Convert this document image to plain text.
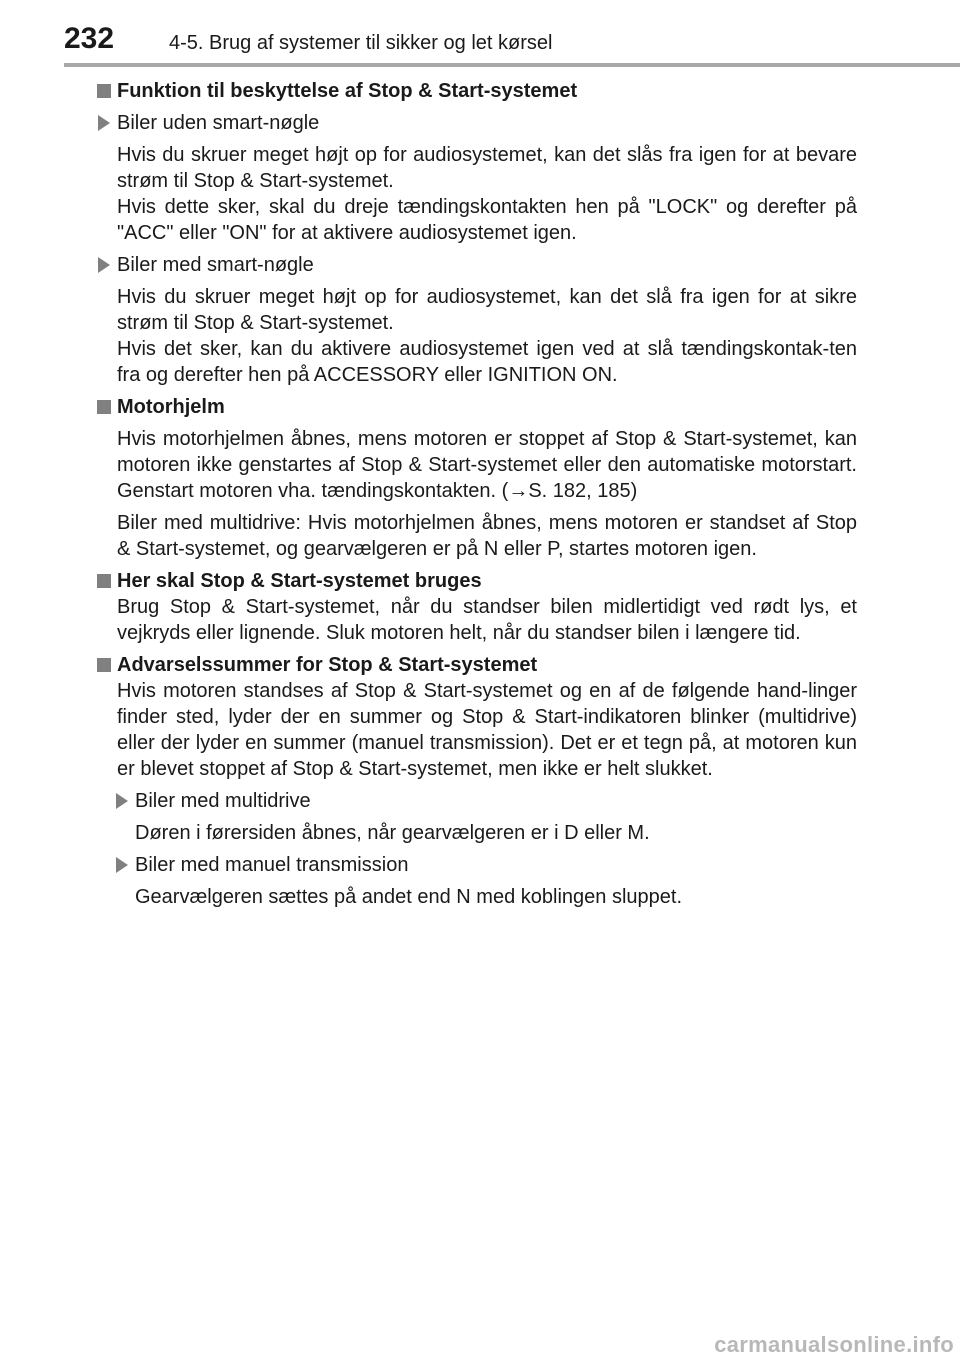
232	4-5. Brug af systemer til sikker og let kørsel
Funktion til beskyttelse af Stop & Start-systemet
Biler uden smart-nøgle
Hvis du skruer meget højt op for audiosystemet, kan det slås fra igen for at bevare strøm til Stop & Start-systemet.
Hvis dette sker, skal du dreje tændingskontakten hen på "LOCK" og derefter på "ACC" eller "ON" for at aktivere audiosystemet igen.
Biler med smart-nøgle
Hvis du skruer meget højt op for audiosystemet, kan det slå fra igen for at sikre strøm til Stop & Start-systemet.
Hvis det sker, kan du aktivere audiosystemet igen ved at slå tændingskontak-ten fra og derefter hen på ACCESSORY eller IGNITION ON.
Motorhjelm
Hvis motorhjelmen åbnes, mens motoren er stoppet af Stop & Start-systemet, kan motoren ikke genstartes af Stop & Start-systemet eller den automatiske motorstart. Genstart motoren vha. tændingskontakten. (→S. 182, 185)
Biler med multidrive: Hvis motorhjelmen åbnes, mens motoren er standset af Stop & Start-systemet, og gearvælgeren er på N eller P, startes motoren igen.
Her skal Stop & Start-systemet bruges
Brug Stop & Start-systemet, når du standser bilen midlertidigt ved rødt lys, et vejkryds eller lignende. Sluk motoren helt, når du standser bilen i længere tid.
Advarselssummer for Stop & Start-systemet
Hvis motoren standses af Stop & Start-systemet og en af de følgende hand-linger finder sted, lyder der en summer og Stop & Start-indikatoren blinker (multidrive) eller der lyder en summer (manuel transmission). Det er et tegn på, at motoren kun er blevet stoppet af Stop & Start-systemet, men ikke er helt slukket.
Biler med multidrive
Døren i førersiden åbnes, når gearvælgeren er i D eller M.
Biler med manuel transmission
Gearvælgeren sættes på andet end N med koblingen sluppet.
carmanualsonline.info
